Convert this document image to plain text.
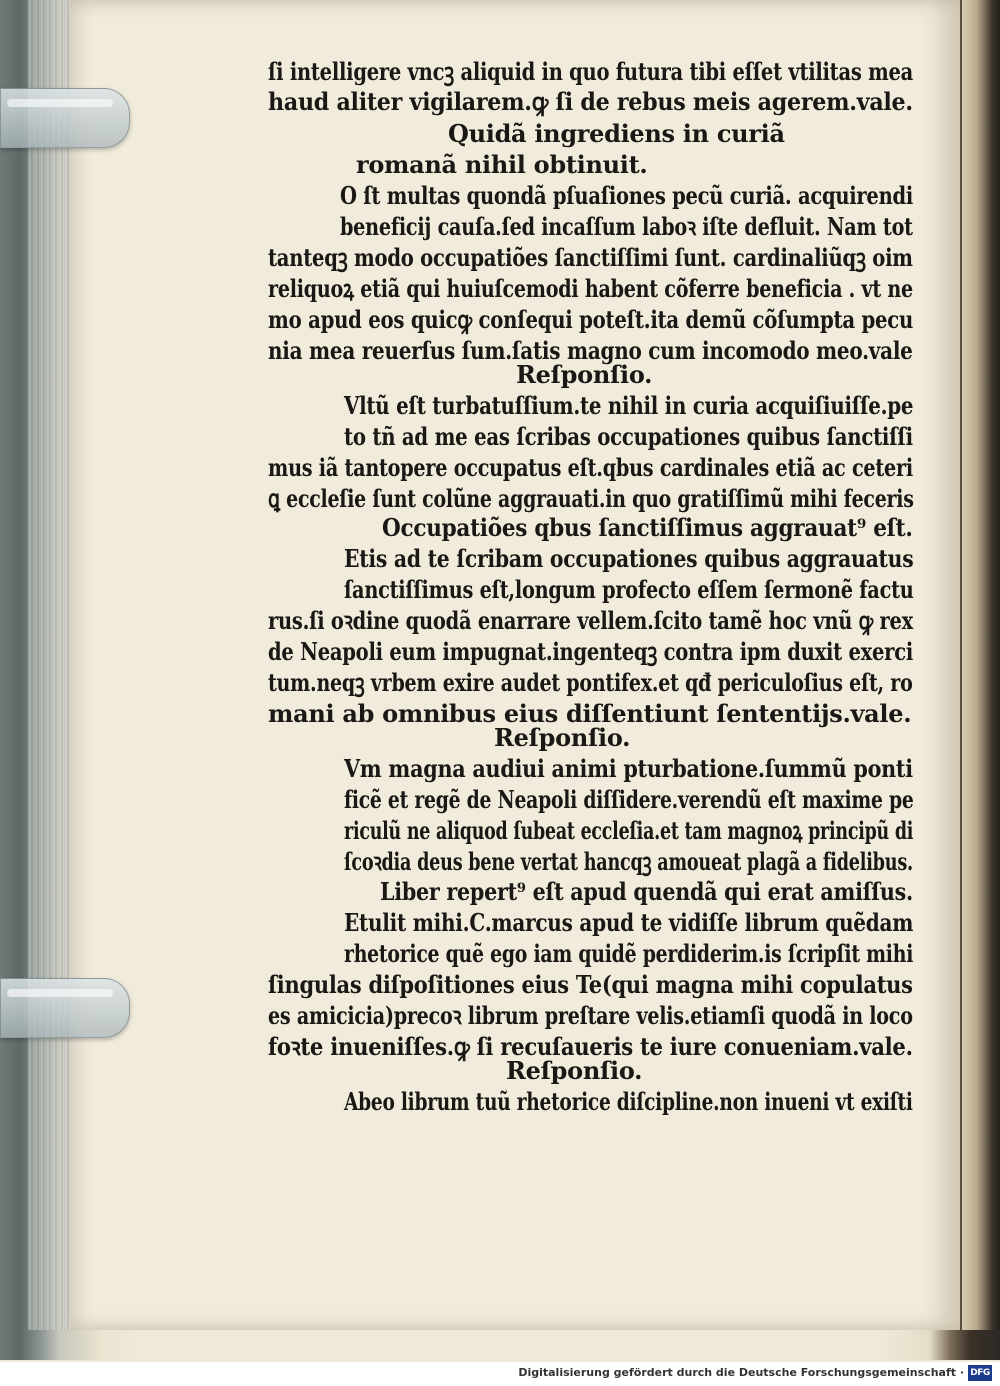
ſi intelligere vncꝫ aliquid in quo futura tibi eſſet vtilitas mea
haud aliter vigilarem.ꝙ ſi de rebus meis agerem.vale.
Quidã ingrediens in curiã
romanã nihil obtinuit.
O ſt multas quondã pſuaſiones pecũ curiã. acquirendi
beneficij cauſa.ſed incaſſum laboꝛ iſte defluit. Nam tot
tanteqꝫ modo occupatiões ſanctiſſimi ſunt. cardinaliũqꝫ oim
reliquoꝝ etiã qui huiuſcemodi habent cõferre beneficia . vt ne
mo apud eos quicꝙ conſequi poteſt.ita demũ cõſumpta pecu
nia mea reuerſus ſum.ſatis magno cum incomodo meo.vale
Reſponſio.
Vltũ eſt turbatuſſium.te nihil in curia acquiſiuiſſe.pe
to tñ ad me eas ſcribas occupationes quibus ſanctiſſi
mus iã tantopere occupatus eſt.qbus cardinales etiã ac ceteri
ꝗ eccleſie ſunt colũne aggrauati.in quo gratiſſimũ mihi feceris
Occupatiões qbus ſanctiſſimus aggrauat⁹ eſt.
Etis ad te ſcribam occupationes quibus aggrauatus
ſanctiſſimus eſt,longum profecto eſſem ſermonẽ factu
rus.ſi oꝛdine quodã enarrare vellem.ſcito tamẽ hoc vnũ ꝙ rex
de Neapoli eum impugnat.ingenteqꝫ contra ipm duxit exerci
tum.neqꝫ vrbem exire audet pontifex.et qđ periculoſius eſt, ro
mani ab omnibus eius diſſentiunt ſententijs.vale.
Reſponſio.
Vm magna audiui animi pturbatione.ſummũ ponti
ficẽ et regẽ de Neapoli diſſidere.verendũ eſt maxime pe
riculũ ne aliquod ſubeat eccleſia.et tam magnoꝝ principũ di
ſcoꝛdia deus bene vertat hancqꝫ amoueat plagã a fidelibus.
Liber repert⁹ eſt apud quendã qui erat amiſſus.
Etulit mihi.C.marcus apud te vidiſſe librum quẽdam
rhetorice quẽ ego iam quidẽ perdiderim.is ſcripſit mihi
ſingulas diſpoſitiones eius Te(qui magna mihi copulatus
es amicicia)precoꝛ librum preſtare velis.etiamſi quodã in loco
foꝛte inueniſſes.ꝙ ſi recuſaueris te iure conueniam.vale.
Reſponſio.
Abeo librum tuũ rhetorice diſcipline.non inueni vt exiſti
Digitalisierung gefördert durch die Deutsche Forschungsgemeinschaft · DFG
